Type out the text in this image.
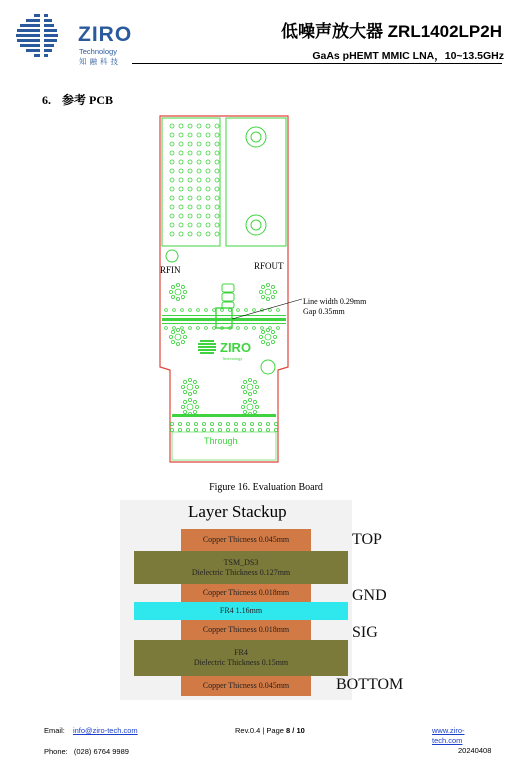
ZIRO
Technology
知融科技
低噪声放大器 ZRL1402LP2H
GaAs pHEMT MMIC LNA，10~13.5GHz
6. 参考 PCB
ZIRO
Technology
Through
RFIN	RFOUT
Line width 0.29mm
Gap 0.35mm
Figure 16. Evaluation Board
Layer Stackup
Copper Thicness 0.045mm	TOP
TSM_DS3
Dielectric Thickness 0.127mm
Copper Thicness 0.018mm	GND
FR4 1.16mm
Copper Thicness 0.018mm	SIG
FR4
Dielectric Thickness 0.15mm
Copper Thicness 0.045mm	BOTTOM
Email: info@ziro-tech.com
Phone: (028) 6764 9989
Rev.0.4 | Page 8 / 10	www.ziro-tech.com
20240408
